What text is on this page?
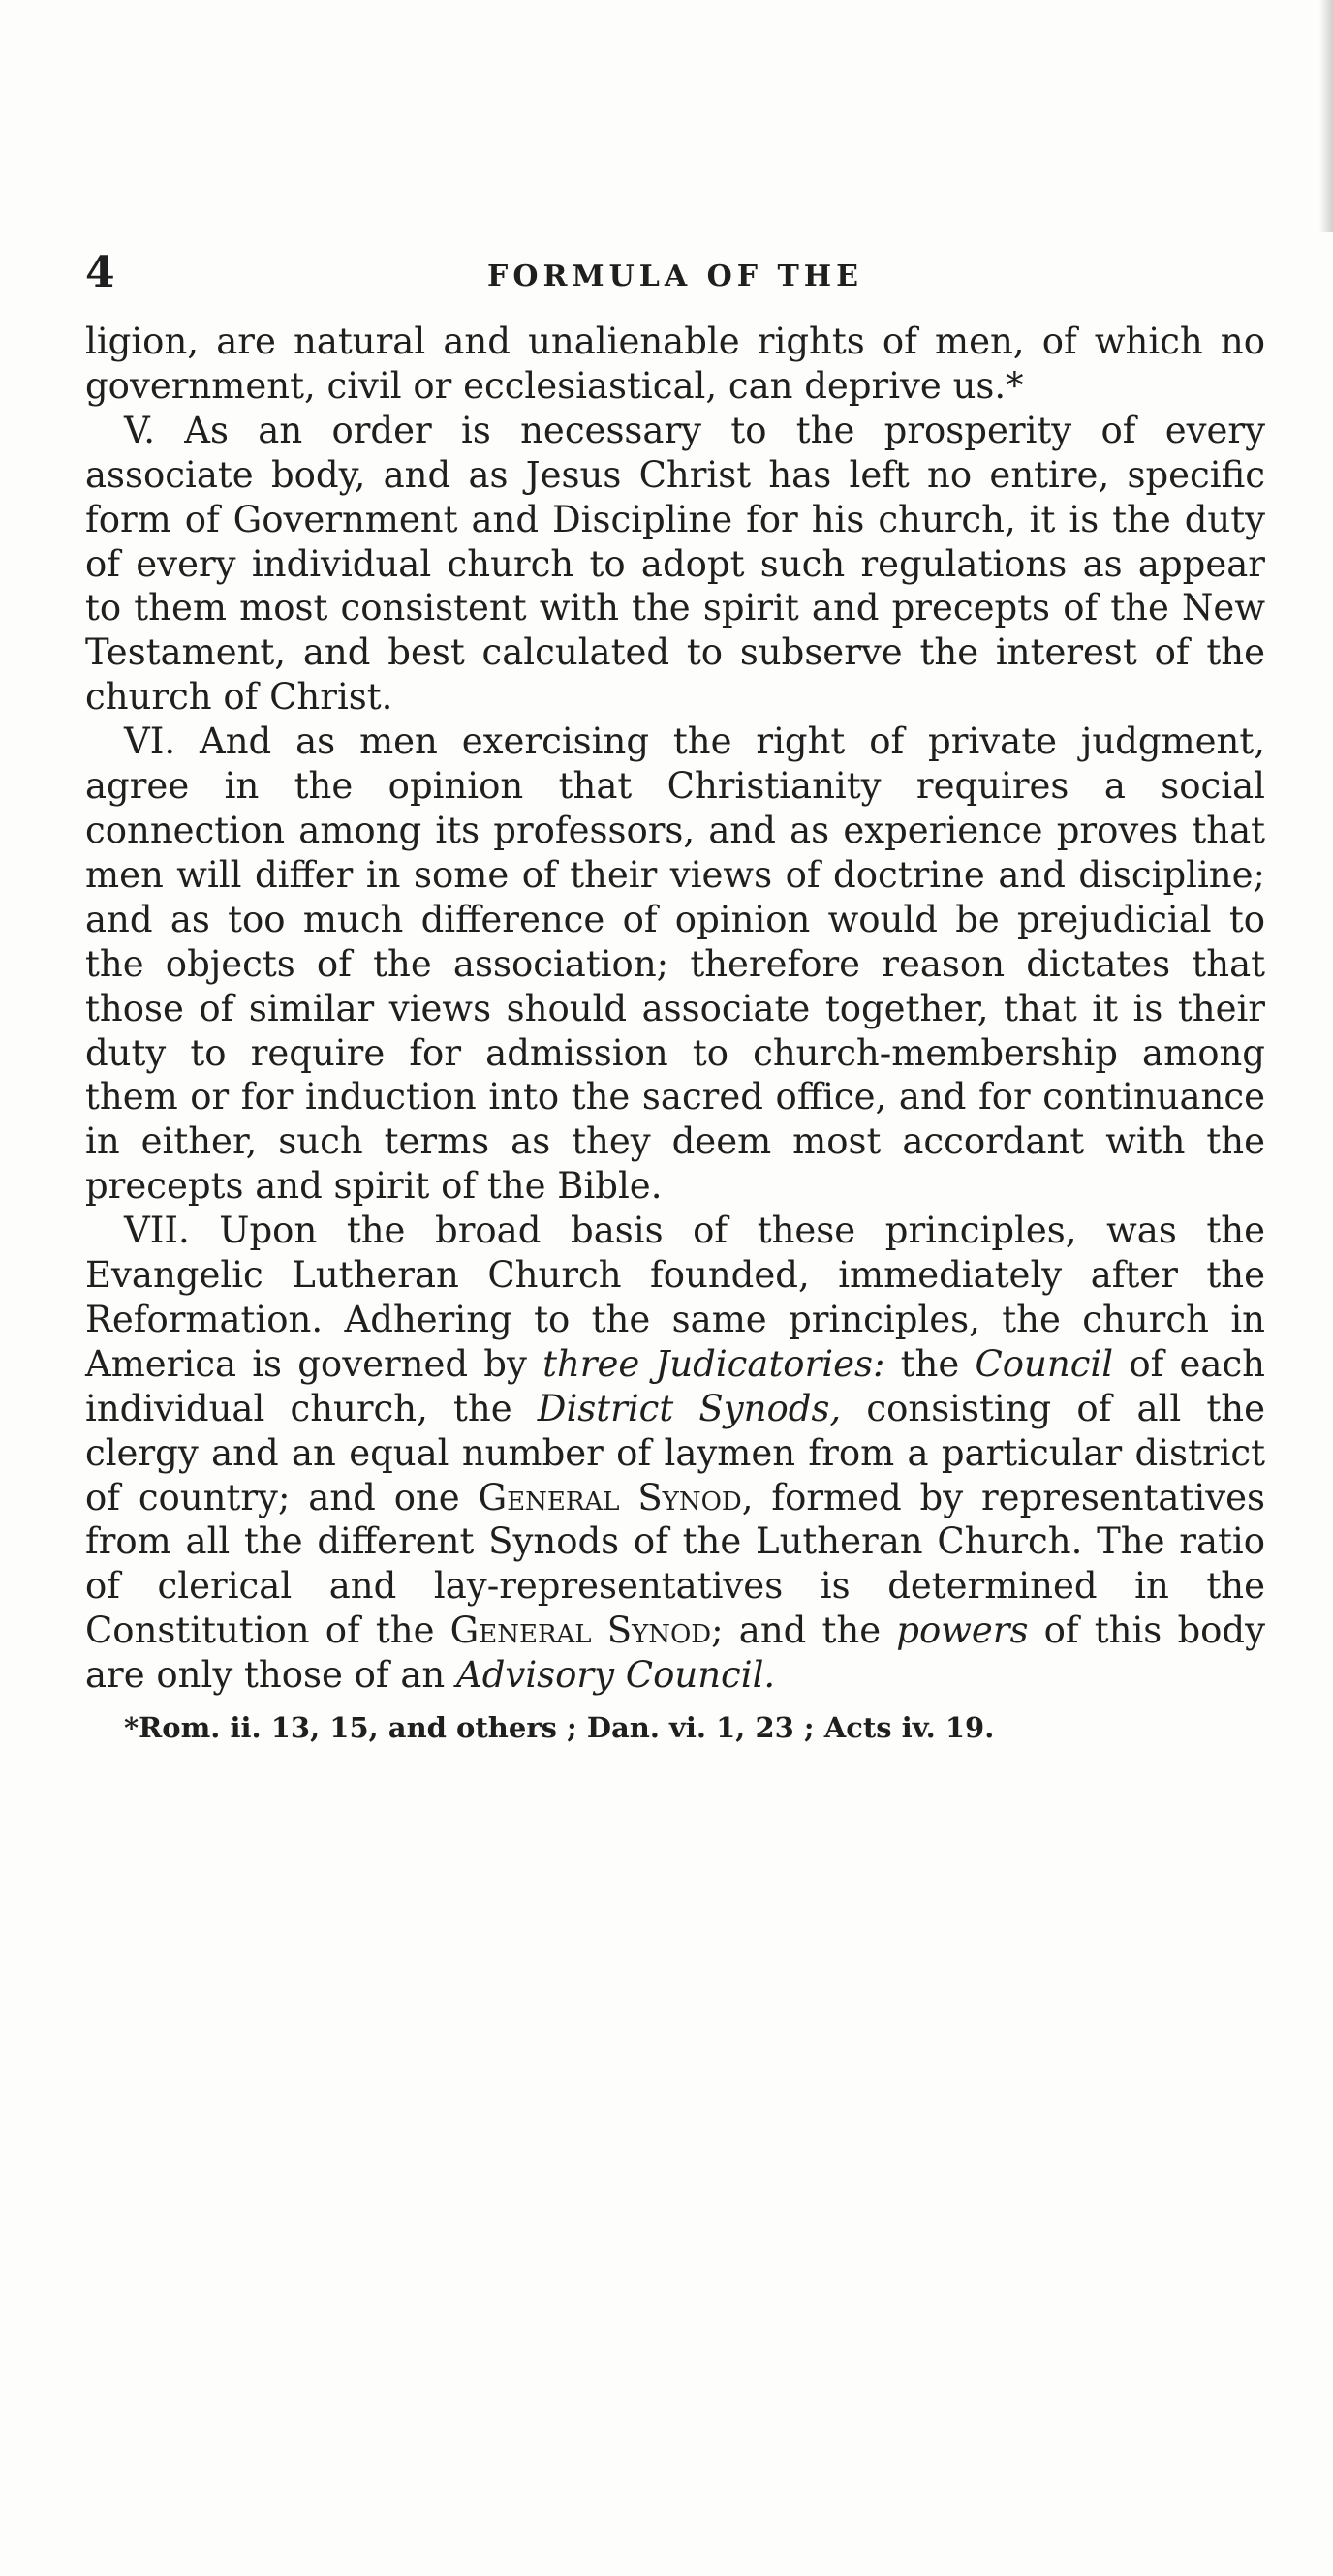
4	FORMULA OF THE

ligion, are natural and unalienable rights of men, of which no government, civil or ecclesiastical, can deprive us.*

V. As an order is necessary to the prosperity of every associate body, and as Jesus Christ has left no entire, specific form of Government and Discipline for his church, it is the duty of every individual church to adopt such regulations as appear to them most consistent with the spirit and precepts of the New Testament, and best calculated to subserve the interest of the church of Christ.

VI. And as men exercising the right of private judgment, agree in the opinion that Christianity requires a social connection among its professors, and as experience proves that men will differ in some of their views of doctrine and discipline; and as too much difference of opinion would be prejudicial to the objects of the association; therefore reason dictates that those of similar views should associate together, that it is their duty to require for admission to church-membership among them or for induction into the sacred office, and for continuance in either, such terms as they deem most accordant with the precepts and spirit of the Bible.

VII. Upon the broad basis of these principles, was the Evangelic Lutheran Church founded, immediately after the Reformation. Adhering to the same principles, the church in America is governed by three Judicatories: the Council of each individual church, the District Synods, consisting of all the clergy and an equal number of laymen from a particular district of country; and one General Synod, formed by representatives from all the different Synods of the Lutheran Church. The ratio of clerical and lay-representatives is determined in the Constitution of the General Synod; and the powers of this body are only those of an Advisory Council.

*Rom. ii. 13, 15, and others ; Dan. vi. 1, 23 ; Acts iv. 19.
